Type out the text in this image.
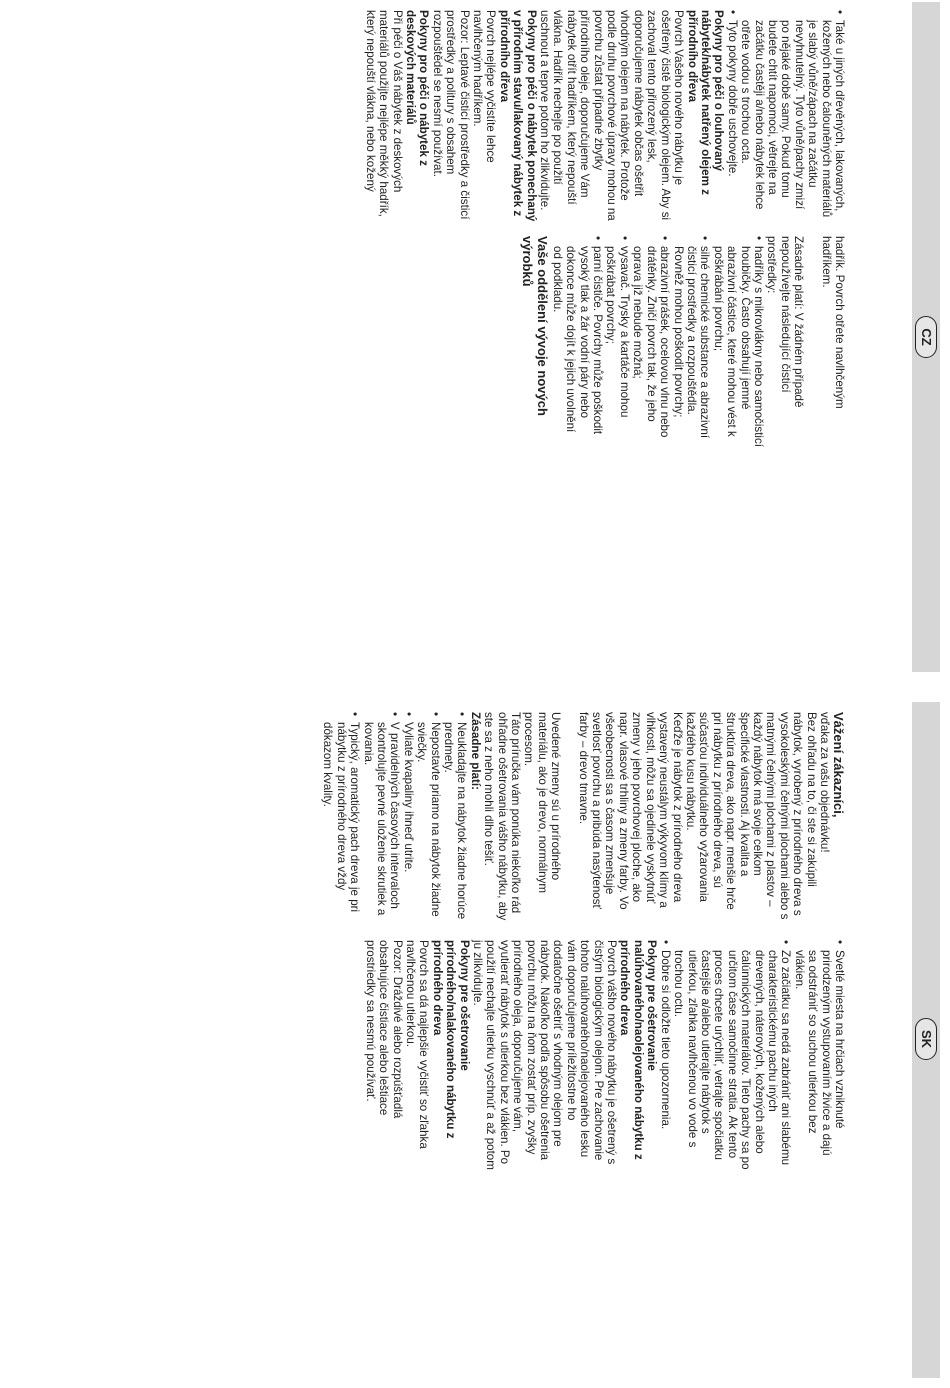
CZ
SK
• Také u jiných dřevěných, lakovaných, kožených nebo čalouněných materiálů je slabý vůně/zápach na začátku nevyhnutelný. Tyto vůně/pachy zmizí po nějaké době samy. Pokud tomu budete chtít napomoci, větrejte na začátku častěji a/nebo nábytek lehce otřete vodou s trochou octa.
• Tyto pokyny dobře uschovejte.

Pokyny pro péči o louhovaný nábytek/nábytek natřený olejem z přírodního dřeva

Povrch Vašeho nového nábytku je ošetřený čistě biologickým olejem. Aby si zachoval tento přirozený lesk, doporučujeme nábytek občas ošetřit vhodným olejem na nábytek. Protože podle druhu povrchové úpravy mohou na povrchu zůstat případné zbytky přírodního oleje, doporučujeme Vám nábytek otřít hadříkem, který nepouští vlákna. Hadřík nechejte po použití uschnout a teprve potom ho zlikvidujte.

Pokyny pro péči o nábytek ponechaný v přírodním stavu/lakovaný nábytek z přírodního dřeva

Povrch nejlépe vyčistíte lehce navlhčeným hadříkem.

Pozor: Leptavé čisticí prostředky a čisticí prostředky a politury s obsahem rozpouštědel se nesmí používat.

Pokyny pro péči o nábytek z deskových materiálů

Při péči o Váš nábytek z deskových materiálů použijte nejlépe měkký hadřík, který nepouští vlákna, nebo kožený

hadřík. Povrch otřete navlhčeným hadříkem.

Zásadně platí: V žádném případě nepoužívejte následující čisticí prostředky:

• hadříky s mikrovlákny nebo samočisticí houbičky. Často obsahují jemné abrazivní částice, které mohou vést k poškrábání povrchu;
• silné chemické substance a abrazivní čisticí prostředky a rozpouštědla. Rovněž mohou poškodit povrchy;
• abrazivní prášek, ocelovou vlnu nebo drátěnky. Zničí povrch tak, že jeho oprava již nebude možná;
• vysavač. Trysky a kartáče mohou poškrábat povrchy;
• parní čističe. Povrchy může poškodit vysoký tlak a žár vodní páry nebo dokonce může dojít k jejich uvolnění od podkladu.

Vaše oddělení vývoje nových výrobků

Vážení zákazníci,

vďaka za vašu objednávku!

Bez ohľadu na to, či ste si zakúpili nábytok, vyrobený z prírodného dreva s vysokoleskými čelnými plochami alebo s matnými čelnými plochami z plastov – každý nábytok má svoje celkom špecifické vlastnosti. Aj kvalita a štruktúra dreva, ako napr. menšie hrče pri nábytku z prírodného dreva, sú súčasťou individuálneho vyžarovania každého kusu nábytku.

Keďže je nábytok z prírodného dreva vystavený neustálym výkyvom klímy a vlhkosti, môžu sa ojedinele vyskytnúť zmeny v jeho povrchovej ploche, ako napr. vlasové trhliny a zmeny farby. Vo všeobecnosti sa s časom zmenšuje svetlosť povrchu a pribúda nasýtenosť farby – drevo tmavne.

Uvedené zmeny sú u prírodného materiálu, ako je drevo, normálnym procesom.

Táto príručka vám ponúka niekoľko rád ohľadne ošetrovania vášho nábytku, aby ste sa z neho mohli dlho tešiť.

Zásadne platí:

• Neukladajte na nábytok žiadne horúce predmety.
• Nepostavte priamo na nábytok žiadne sviečky.
• Vyliate kvapaliny ihneď utrite.
• V pravidelných časových intervaloch skontrolujte pevné uloženie skrutiek a kovania.
• Typický, aromatický pach dreva je pri nábytku z prírodného dreva vždy dôkazom kvality.
• Svetlé miesta na hrčiach vzniknuté prirodzeným vystupovaním živice a dajú sa odstrániť so suchou utierkou bez vlákien.
• Zo začiatku sa nedá zabrániť ani slabému charakteristickému pachu iných drevených, náterových, kožených alebo čalúnnických materiálov. Tieto pachy sa po určitom čase samočinne stratia. Ak tento proces chcete urýchliť, vetrajte spočiatku častejšie a/alebo utierajte nábytok s utierkou, zľahka navlhčenou vo vode s trochou octu.
• Dobre si odložte tieto upozornenia.

Pokyny pre ošetrovanie nalúhovaného/naolejovaného nábytku z prírodného dreva

Povrch vášho nového nábytku je ošetrený s čistým biologickým olejom. Pre zachovanie tohoto nalúhovaného/naolejovaného lesku vám doporučujeme príležitostne ho dodatočne ošetriť s vhodným olejom pre nábytok. Nakoľko podľa spôsobu ošetrenia povrchu môžu na ňom zostať príp. zvyšky prírodného oleja, doporučujeme vám, vyutierať nábytok s utierkou bez vlákien. Po použití nechajte utierku vyschnúť a až potom ju zlikvidujte.

Pokyny pre ošetrovanie prírodného/nalakovaného nábytku z prírodného dreva

Povrch sa dá najlepšie vyčistiť so zľahka navlhčenou utierkou.

Pozor: Dráždivé alebo rozpúšťadlá obsahujúce čistiace alebo leštiace prostriedky sa nesmú používať.
